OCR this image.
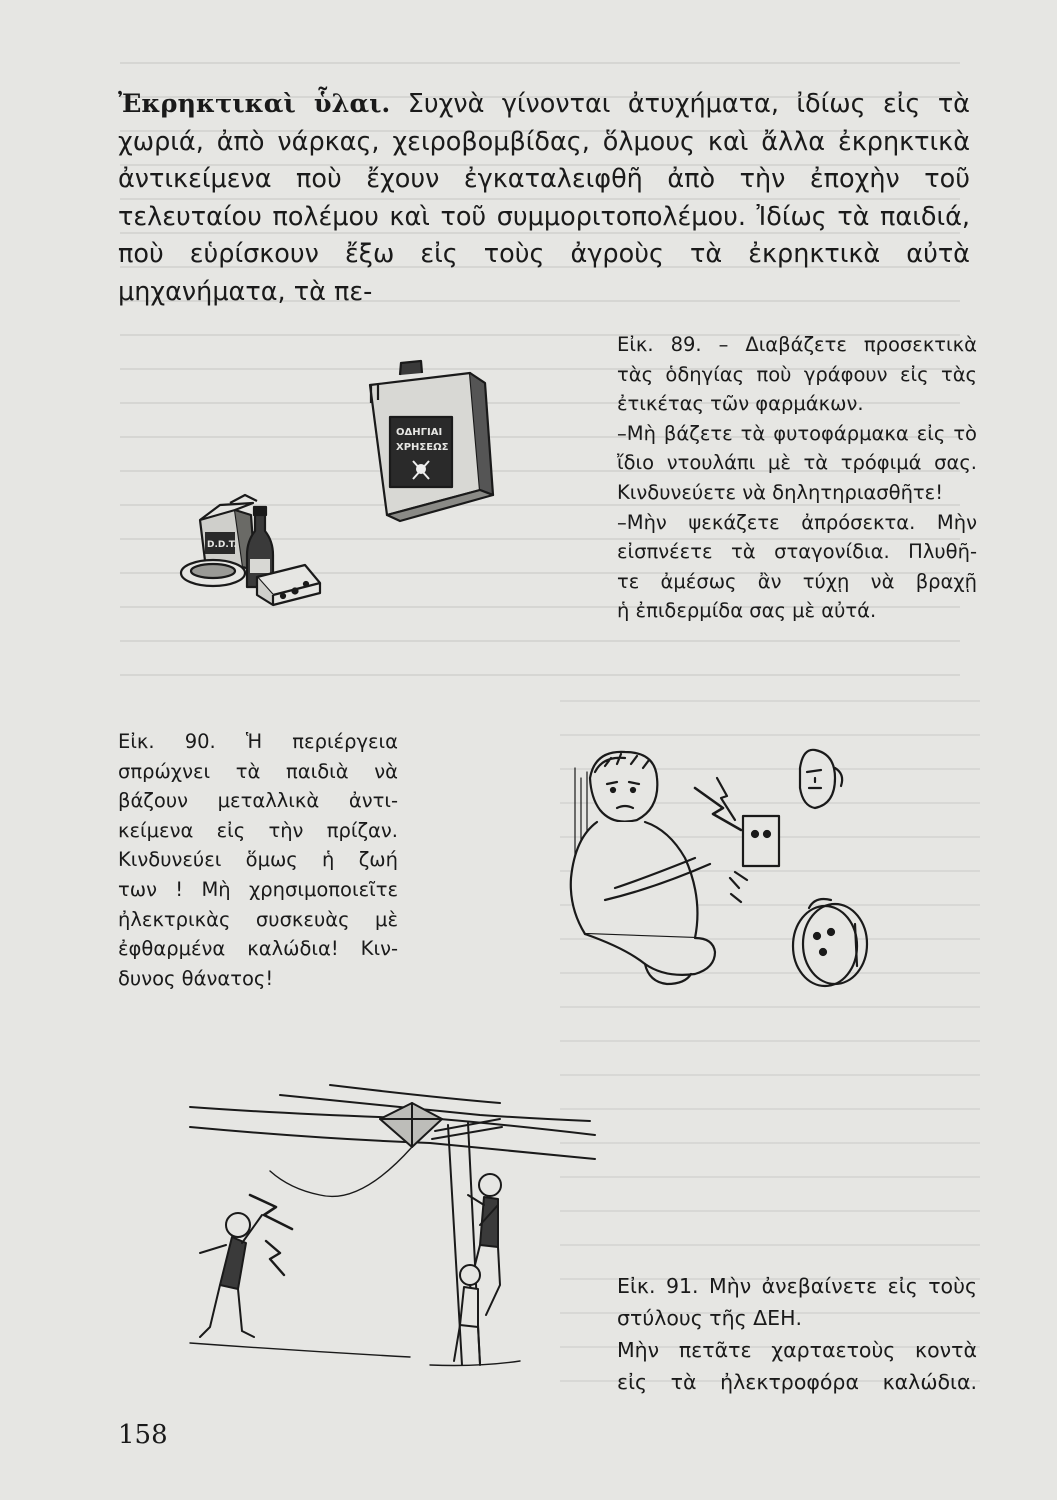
Ἐκρηκτικαὶ ὗλαι. Συχνὰ γίνονται ἀτυχήματα, ἰδίως εἰς τὰ χωριά, ἀπὸ νάρκας, χειροβομβίδας, ὅλμους καὶ ἄλλα ἐκρηκτικὰ ἀντικείμενα ποὺ ἔχουν ἐγκαταλειφθῆ ἀπὸ τὴν ἐποχὴν τοῦ τελευταίου πολέμου καὶ τοῦ συμμοριτοπολέμου. Ἰδίως τὰ παιδιά, ποὺ εὑρίσκουν ἔξω εἰς τοὺς ἀγροὺς τὰ ἐκρηκτικὰ αὐτὰ μηχανήματα, τὰ πε-

ΟΔΗΓΙΑΙ
ΧΡΗΣΕΩΣ
D.D.T.
Εἰκ. 89. – Διαβάζετε προσεκτικὰ
τὰς ὁδηγίας ποὺ γράφουν εἰς τὰς
ἐτικέτας τῶν φαρμάκων.
–Μὴ βάζετε τὰ φυτοφάρμακα εἰς τὸ
ἴδιο ντουλάπι μὲ τὰ τρόφιμά σας.
Κινδυνεύετε νὰ δηλητηριασθῆτε!
–Μὴν ψεκάζετε ἀπρόσεκτα. Μὴν
εἰσπνέετε τὰ σταγονίδια. Πλυθῆ-
τε ἀμέσως ἂν τύχῃ νὰ βραχῇ
ἡ ἐπιδερμίδα σας μὲ αὐτά.
Εἰκ. 90. Ἡ περιέργεια
σπρώχνει τὰ παιδιὰ νὰ
βάζουν μεταλλικὰ ἀντι-
κείμενα εἰς τὴν πρίζαν.
Κινδυνεύει ὅμως ἡ ζωή
των ! Μὴ χρησιμοποιεῖτε
ἠλεκτρικὰς συσκευὰς μὲ
ἐφθαρμένα καλώδια! Κιν-
δυνος θάνατος!
Εἰκ. 91. Μὴν ἀνεβαίνετε εἰς τοὺς
στύλους τῆς ΔΕΗ.
Μὴν πετᾶτε χαρταετοὺς κοντὰ
εἰς τὰ ἠλεκτροφόρα καλώδια.

158
